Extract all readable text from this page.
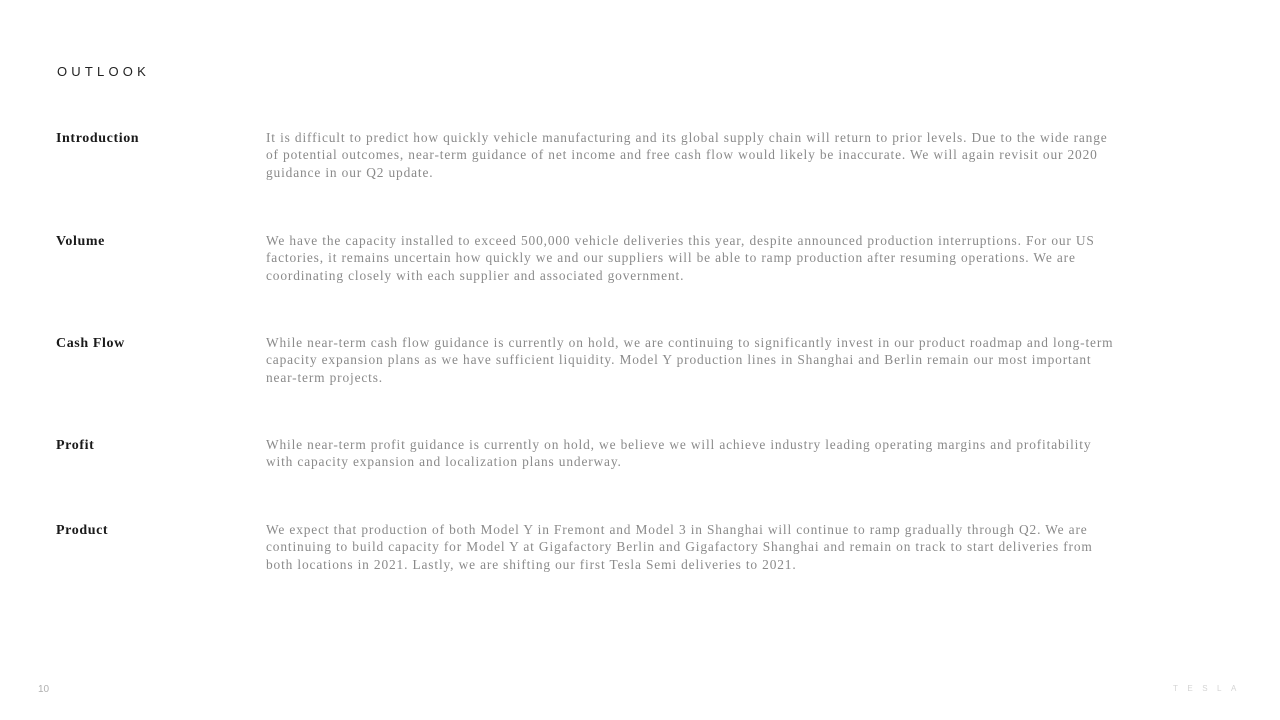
OUTLOOK
Introduction	It is difficult to predict how quickly vehicle manufacturing and its global supply chain will return to prior levels. Due to the wide range of potential outcomes, near-term guidance of net income and free cash flow would likely be inaccurate. We will again revisit our 2020 guidance in our Q2 update.
Volume	We have the capacity installed to exceed 500,000 vehicle deliveries this year, despite announced production interruptions. For our US factories, it remains uncertain how quickly we and our suppliers will be able to ramp production after resuming operations. We are coordinating closely with each supplier and associated government.
Cash Flow	While near-term cash flow guidance is currently on hold, we are continuing to significantly invest in our product roadmap and long-term capacity expansion plans as we have sufficient liquidity. Model Y production lines in Shanghai and Berlin remain our most important near-term projects.
Profit	While near-term profit guidance is currently on hold, we believe we will achieve industry leading operating margins and profitability with capacity expansion and localization plans underway.
Product	We expect that production of both Model Y in Fremont and Model 3 in Shanghai will continue to ramp gradually through Q2. We are continuing to build capacity for Model Y at Gigafactory Berlin and Gigafactory Shanghai and remain on track to start deliveries from both locations in 2021. Lastly, we are shifting our first Tesla Semi deliveries to 2021.
10	TESLA
